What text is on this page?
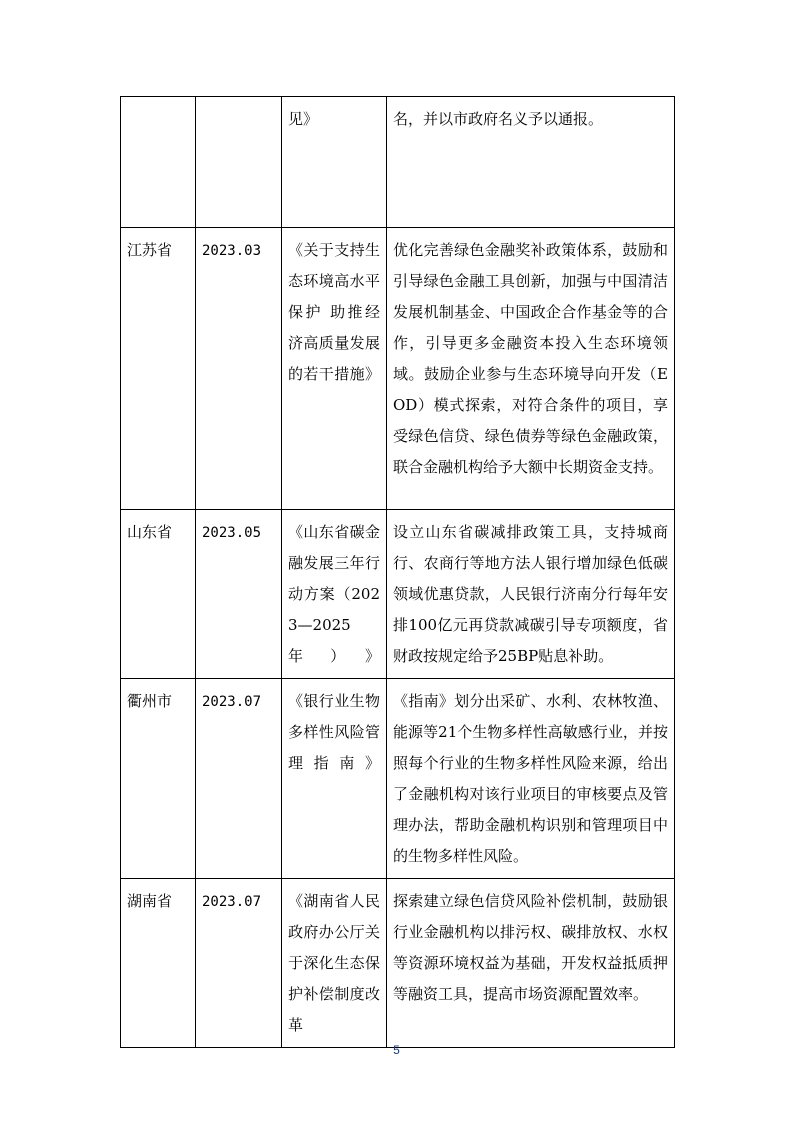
		见》	名，并以市政府名义予以通报。
江苏省	2023.03	《关于支持生态环境高水平保护 助推经济高质量发展的若干措施》	优化完善绿色金融奖补政策体系，鼓励和引导绿色金融工具创新，加强与中国清洁发展机制基金、中国政企合作基金等的合作，引导更多金融资本投入生态环境领域。鼓励企业参与生态环境导向开发（EOD）模式探索，对符合条件的项目，享受绿色信贷、绿色债券等绿色金融政策，联合金融机构给予大额中长期资金支持。
山东省	2023.05	《山东省碳金融发展三年行动方案（2023—2025年）》	设立山东省碳减排政策工具，支持城商行、农商行等地方法人银行增加绿色低碳领域优惠贷款，人民银行济南分行每年安排100亿元再贷款减碳引导专项额度，省财政按规定给予25BP贴息补助。
衢州市	2023.07	《银行业生物多样性风险管理指南》	《指南》划分出采矿、水利、农林牧渔、能源等21个生物多样性高敏感行业，并按照每个行业的生物多样性风险来源，给出了金融机构对该行业项目的审核要点及管理办法，帮助金融机构识别和管理项目中的生物多样性风险。
湖南省	2023.07	《湖南省人民政府办公厅关于深化生态保护补偿制度改革	探索建立绿色信贷风险补偿机制，鼓励银行业金融机构以排污权、碳排放权、水权等资源环境权益为基础，开发权益抵质押等融资工具，提高市场资源配置效率。
5
